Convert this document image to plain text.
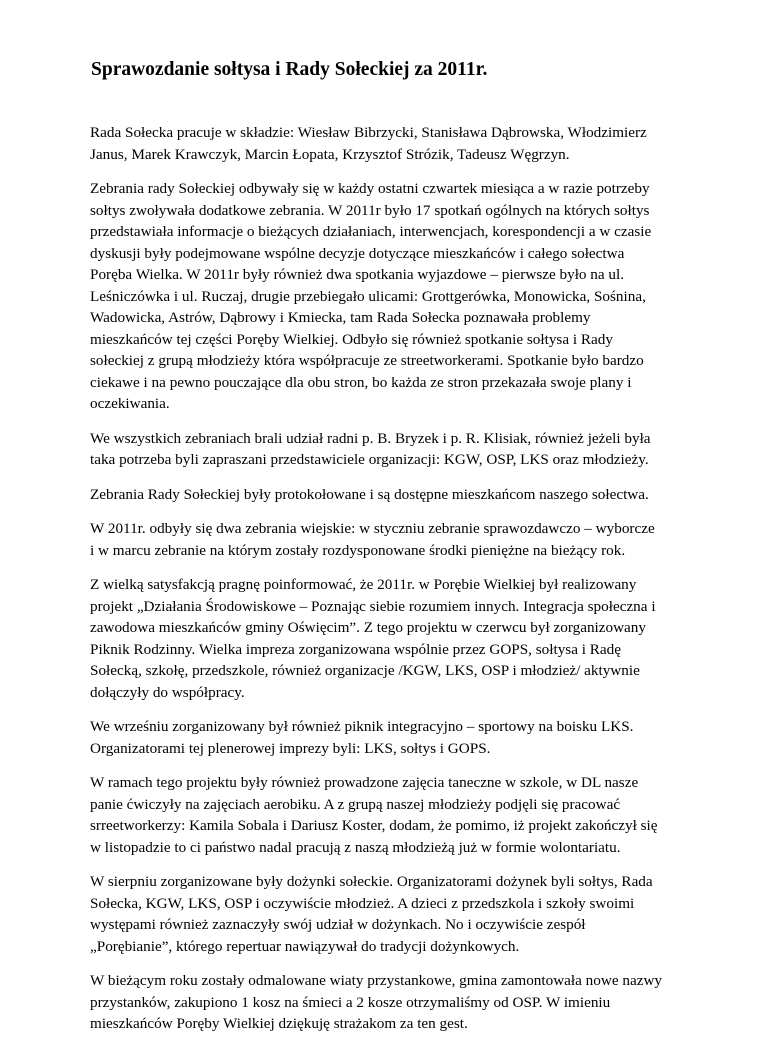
Sprawozdanie sołtysa i Rady Sołeckiej za 2011r.

Rada Sołecka pracuje w składzie: Wiesław Bibrzycki, Stanisława Dąbrowska, Włodzimierz
Janus, Marek Krawczyk, Marcin Łopata, Krzysztof Strózik, Tadeusz Węgrzyn.

Zebrania rady Sołeckiej odbywały się w każdy ostatni czwartek miesiąca a w razie potrzeby
sołtys zwoływała dodatkowe zebrania. W 2011r było 17 spotkań ogólnych na których sołtys
przedstawiała informacje o bieżących działaniach, interwencjach, korespondencji a w czasie
dyskusji były podejmowane wspólne decyzje dotyczące mieszkańców i całego sołectwa
Poręba Wielka. W 2011r były również dwa spotkania wyjazdowe – pierwsze było na ul.
Leśniczówka i ul. Ruczaj, drugie przebiegało ulicami: Grottgerówka, Monowicka, Sośnina,
Wadowicka, Astrów, Dąbrowy i Kmiecka, tam Rada Sołecka poznawała problemy
mieszkańców tej części Poręby Wielkiej. Odbyło się również spotkanie sołtysa i Rady
sołeckiej z grupą młodzieży która współpracuje ze streetworkerami. Spotkanie było bardzo
ciekawe i na pewno pouczające dla obu stron, bo każda ze stron przekazała swoje plany i
oczekiwania.

We wszystkich zebraniach brali udział radni p. B. Bryzek i p. R. Klisiak, również jeżeli była
taka potrzeba byli zapraszani przedstawiciele organizacji: KGW, OSP, LKS oraz młodzieży.

Zebrania Rady Sołeckiej były protokołowane i są dostępne mieszkańcom naszego sołectwa.

W 2011r. odbyły się dwa zebrania wiejskie: w styczniu zebranie sprawozdawczo – wyborcze
i w marcu zebranie na którym zostały rozdysponowane środki pieniężne na bieżący rok.

Z wielką satysfakcją pragnę poinformować, że 2011r. w Porębie Wielkiej był realizowany
projekt „Działania Środowiskowe – Poznając siebie rozumiem innych. Integracja społeczna i
zawodowa mieszkańców gminy Oświęcim”. Z tego projektu w czerwcu był zorganizowany
Piknik Rodzinny. Wielka impreza zorganizowana wspólnie przez GOPS, sołtysa i Radę
Sołecką, szkołę, przedszkole, również organizacje /KGW, LKS, OSP i młodzież/ aktywnie
dołączyły do współpracy.

We wrześniu zorganizowany był również piknik integracyjno – sportowy na boisku LKS.
Organizatorami tej plenerowej imprezy byli: LKS, sołtys i GOPS.

W ramach tego projektu były również prowadzone zajęcia taneczne w szkole, w DL nasze
panie ćwiczyły na zajęciach aerobiku. A z grupą naszej młodzieży podjęli się pracować
srreetworkerzy: Kamila Sobala i Dariusz Koster, dodam, że pomimo, iż projekt zakończył się
w listopadzie to ci państwo nadal pracują z naszą młodzieżą już w formie wolontariatu.

W sierpniu zorganizowane były dożynki sołeckie. Organizatorami dożynek byli sołtys, Rada
Sołecka, KGW, LKS, OSP i oczywiście młodzież. A dzieci z przedszkola i szkoły swoimi
występami również zaznaczyły swój udział w dożynkach. No i oczywiście zespół
„Porębianie”, którego repertuar nawiązywał do tradycji dożynkowych.

W bieżącym roku zostały odmalowane wiaty przystankowe, gmina zamontowała nowe nazwy
przystanków, zakupiono 1 kosz na śmieci a 2 kosze otrzymaliśmy od OSP. W imieniu
mieszkańców Poręby Wielkiej dziękuję strażakom za ten gest.
